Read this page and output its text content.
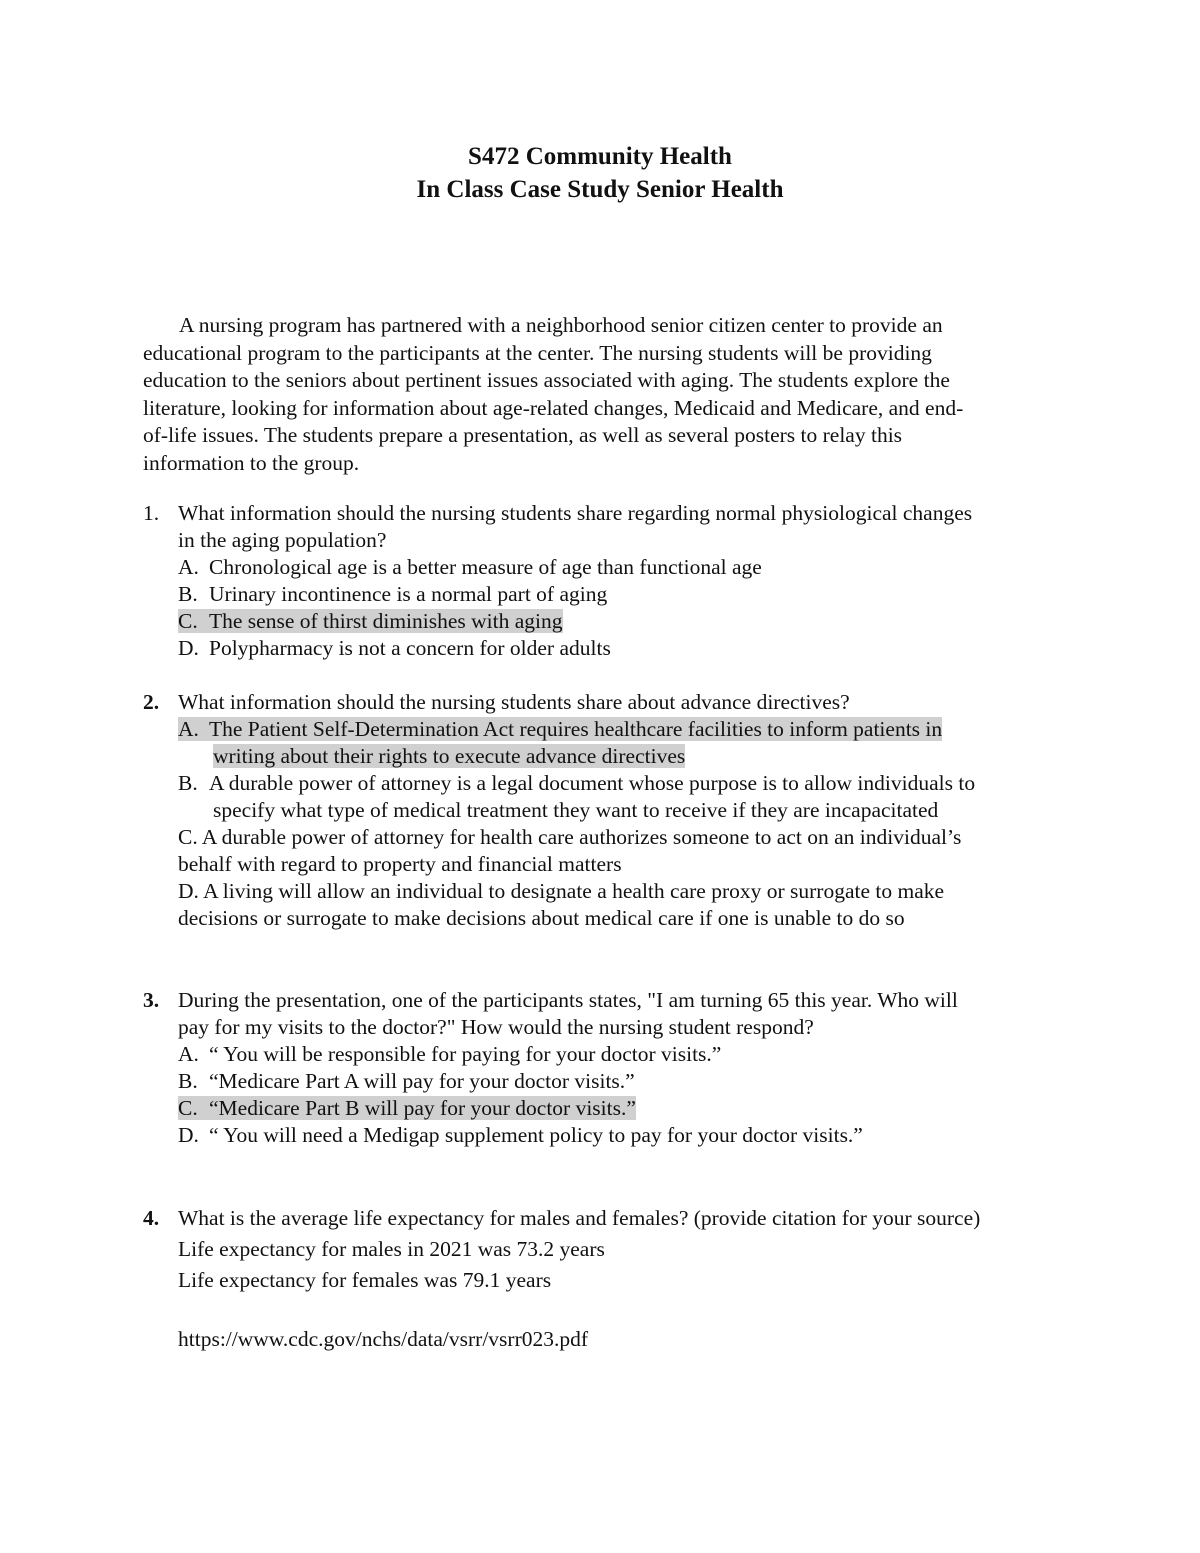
S472 Community Health
In Class Case Study Senior Health
A nursing program has partnered with a neighborhood senior citizen center to provide an
educational program to the participants at the center. The nursing students will be providing
education to the seniors about pertinent issues associated with aging. The students explore the
literature, looking for information about age-related changes, Medicaid and Medicare, and end-
of-life issues. The students prepare a presentation, as well as several posters to relay this
information to the group.
1. What information should the nursing students share regarding normal physiological changes
in the aging population?
A. Chronological age is a better measure of age than functional age
B. Urinary incontinence is a normal part of aging
C. The sense of thirst diminishes with aging
D. Polypharmacy is not a concern for older adults
2. What information should the nursing students share about advance directives?
A. The Patient Self-Determination Act requires healthcare facilities to inform patients in
writing about their rights to execute advance directives
B. A durable power of attorney is a legal document whose purpose is to allow individuals to
specify what type of medical treatment they want to receive if they are incapacitated
C. A durable power of attorney for health care authorizes someone to act on an individual’s
behalf with regard to property and financial matters
D. A living will allow an individual to designate a health care proxy or surrogate to make
decisions or surrogate to make decisions about medical care if one is unable to do so
3. During the presentation, one of the participants states, "I am turning 65 this year. Who will
pay for my visits to the doctor?" How would the nursing student respond?
A. “ You will be responsible for paying for your doctor visits.”
B. “Medicare Part A will pay for your doctor visits.”
C. “Medicare Part B will pay for your doctor visits.”
D. “ You will need a Medigap supplement policy to pay for your doctor visits.”
4. What is the average life expectancy for males and females? (provide citation for your source)
Life expectancy for males in 2021 was 73.2 years
Life expectancy for females was 79.1 years
https://www.cdc.gov/nchs/data/vsrr/vsrr023.pdf
